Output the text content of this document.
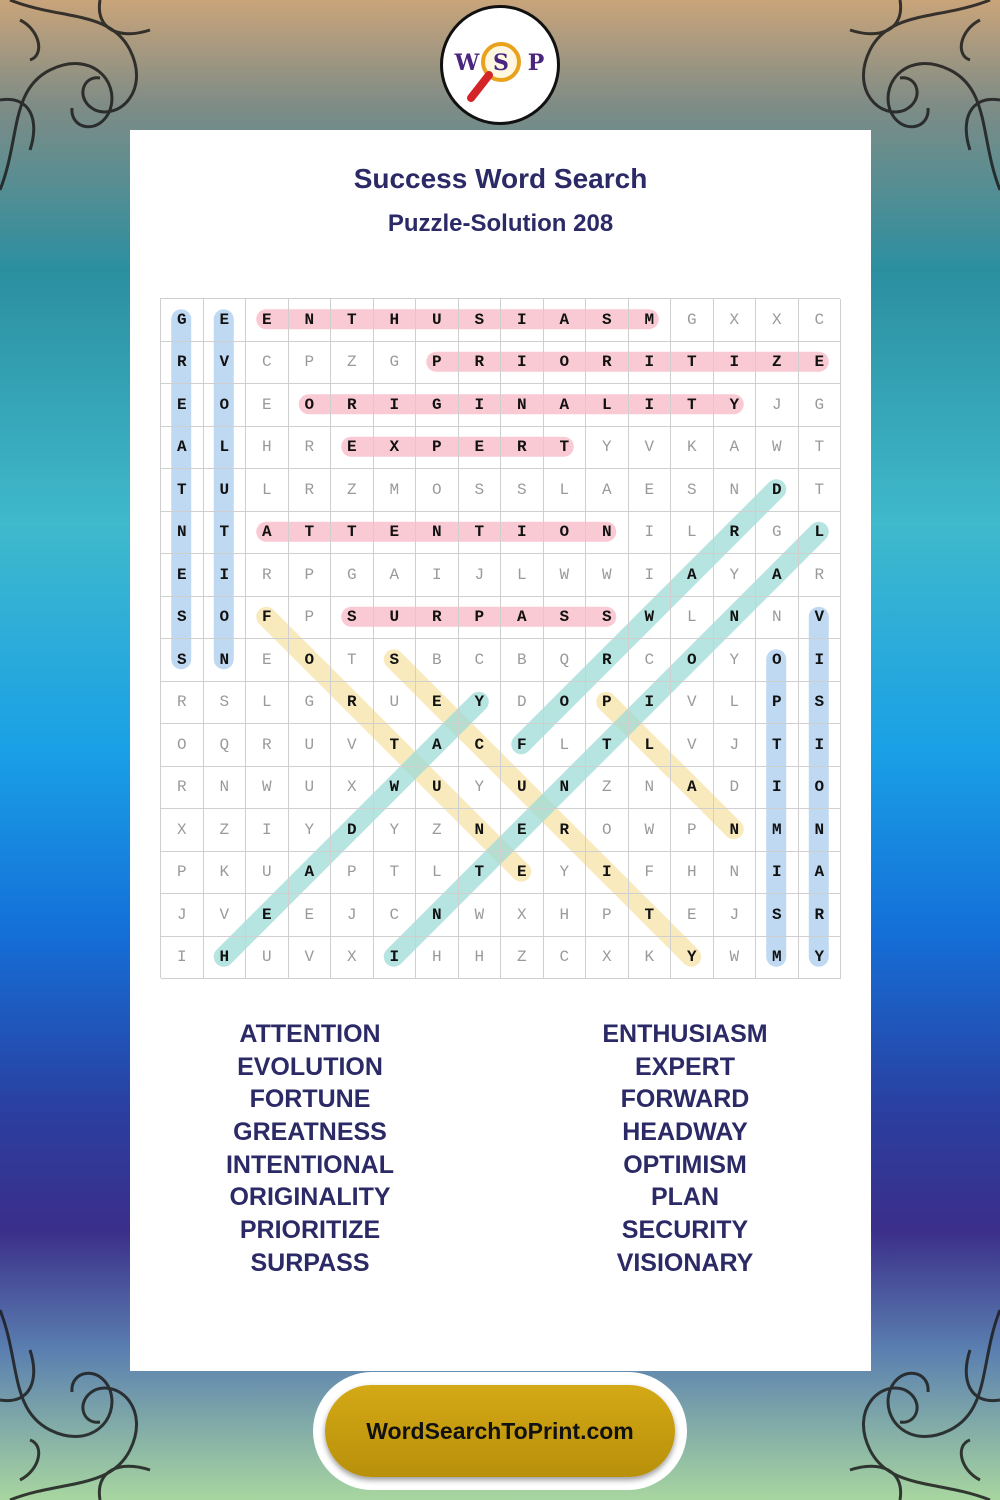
W S P
Success Word Search
Puzzle-Solution 208
G	E	E	N	T	H	U	S	I	A	S	M	G	X	X	C
R	V	C	P	Z	G	P	R	I	O	R	I	T	I	Z	E
E	O	E	O	R	I	G	I	N	A	L	I	T	Y	J	G
A	L	H	R	E	X	P	E	R	T	Y	V	K	A	W	T
T	U	L	R	Z	M	O	S	S	L	A	E	S	N	D	T
N	T	A	T	T	E	N	T	I	O	N	I	L	R	G	L
E	I	R	P	G	A	I	J	L	W	W	I	A	Y	A	R
S	O	F	P	S	U	R	P	A	S	S	W	L	N	N	V
S	N	E	O	T	S	B	C	B	Q	R	C	O	Y	O	I
R	S	L	G	R	U	E	Y	D	O	P	I	V	L	P	S
O	Q	R	U	V	T	A	C	F	L	T	L	V	J	T	I
R	N	W	U	X	W	U	Y	U	N	Z	N	A	D	I	O
X	Z	I	Y	D	Y	Z	N	E	R	O	W	P	N	M	N
P	K	U	A	P	T	L	T	E	Y	I	F	H	N	I	A
J	V	E	E	J	C	N	W	X	H	P	T	E	J	S	R
I	H	U	V	X	I	H	H	Z	C	X	K	Y	W	M	Y
ATTENTION
EVOLUTION
FORTUNE
GREATNESS
INTENTIONAL
ORIGINALITY
PRIORITIZE
SURPASS
ENTHUSIASM
EXPERT
FORWARD
HEADWAY
OPTIMISM
PLAN
SECURITY
VISIONARY
WordSearchToPrint.com
